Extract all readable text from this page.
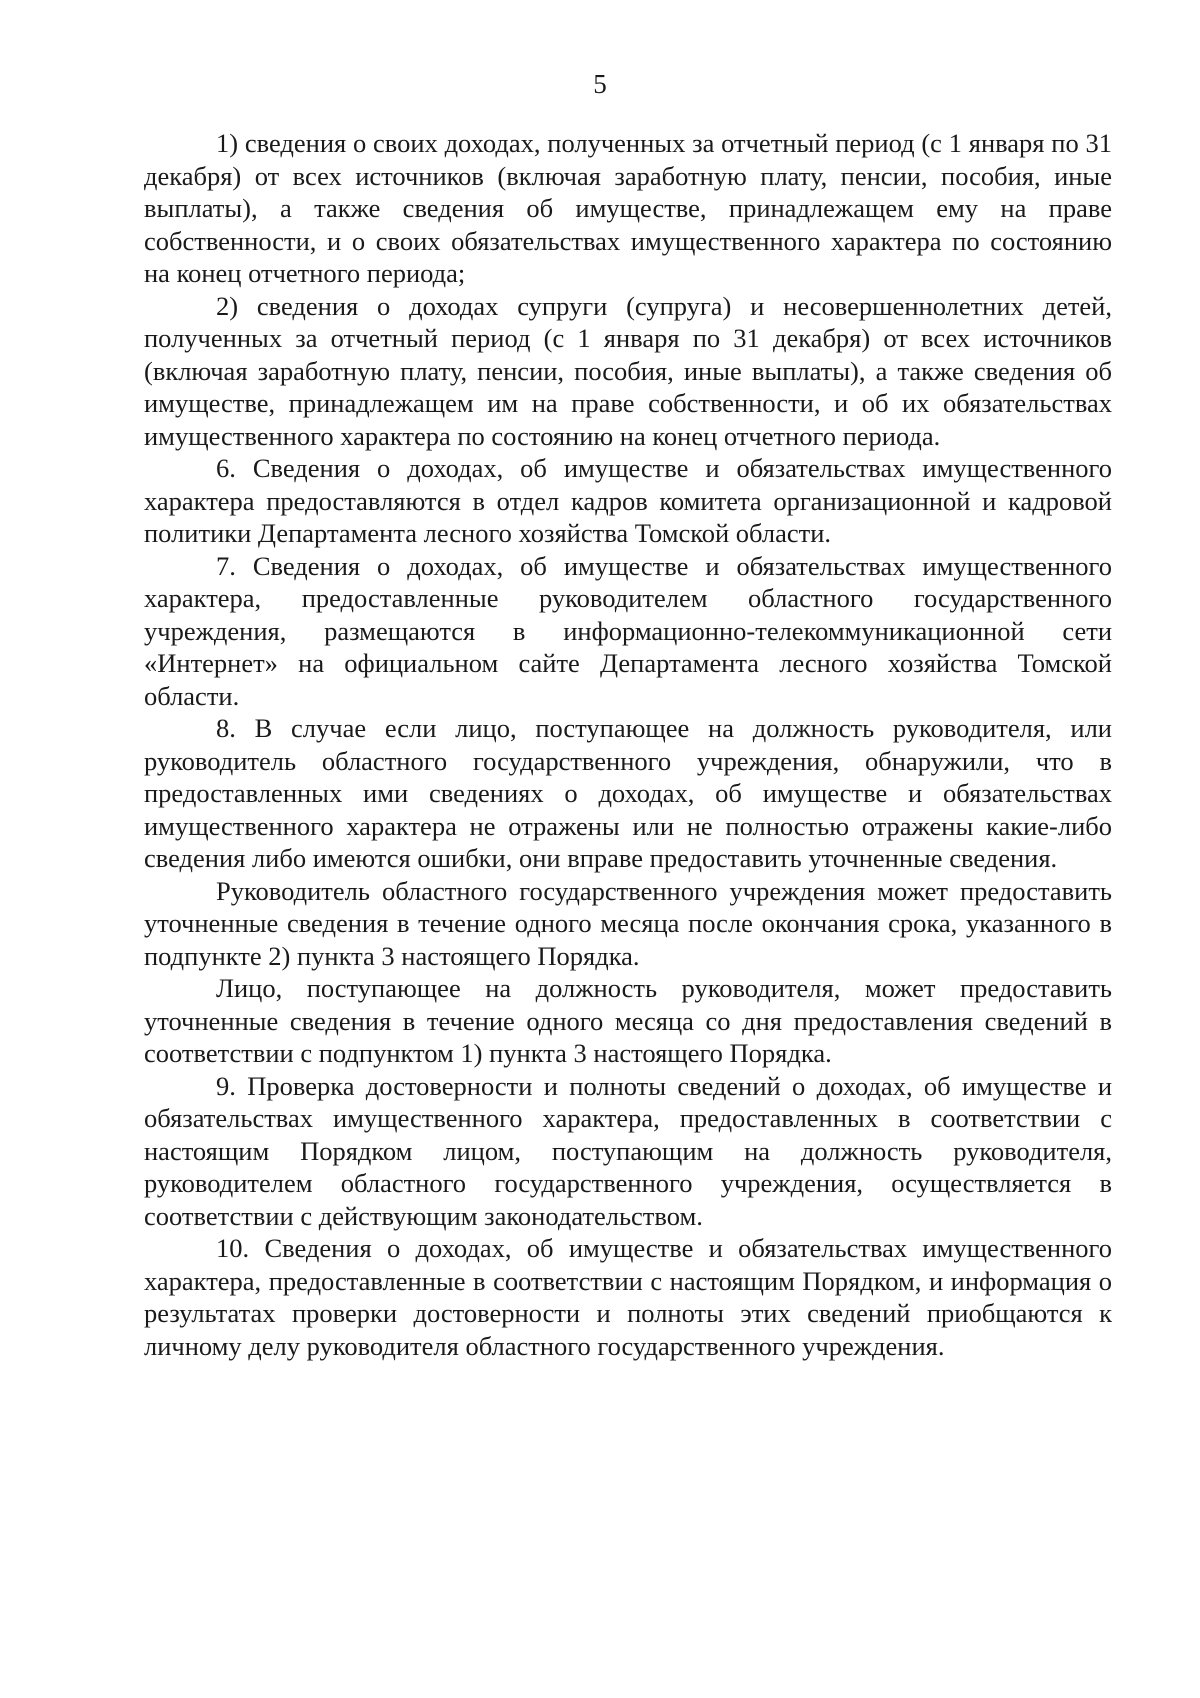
5

1) сведения о своих доходах, полученных за отчетный период (с 1 января по 31 декабря) от всех источников (включая заработную плату, пенсии, пособия, иные выплаты), а также сведения об имуществе, принадлежащем ему на праве собственности, и о своих обязательствах имущественного характера по состоянию на конец отчетного периода;

2) сведения о доходах супруги (супруга) и несовершеннолетних детей, полученных за отчетный период (с 1 января по 31 декабря) от всех источников (включая заработную плату, пенсии, пособия, иные выплаты), а также сведения об имуществе, принадлежащем им на праве собственности, и об их обязательствах имущественного характера по состоянию на конец отчетного периода.

6. Сведения о доходах, об имуществе и обязательствах имущественного характера предоставляются в отдел кадров комитета организационной и кадровой политики Департамента лесного хозяйства Томской области.

7. Сведения о доходах, об имуществе и обязательствах имущественного характера, предоставленные руководителем областного государственного учреждения, размещаются в информационно-телекоммуникационной сети «Интернет» на официальном сайте Департамента лесного хозяйства Томской области.

8. В случае если лицо, поступающее на должность руководителя, или руководитель областного государственного учреждения, обнаружили, что в предоставленных ими сведениях о доходах, об имуществе и обязательствах имущественного характера не отражены или не полностью отражены какие-либо сведения либо имеются ошибки, они вправе предоставить уточненные сведения.

Руководитель областного государственного учреждения может предоставить уточненные сведения в течение одного месяца после окончания срока, указанного в подпункте 2) пункта 3 настоящего Порядка.

Лицо, поступающее на должность руководителя, может предоставить уточненные сведения в течение одного месяца со дня предоставления сведений в соответствии с подпунктом 1) пункта 3 настоящего Порядка.

9. Проверка достоверности и полноты сведений о доходах, об имуществе и обязательствах имущественного характера, предоставленных в соответствии с настоящим Порядком лицом, поступающим на должность руководителя, руководителем областного государственного учреждения, осуществляется в соответствии с действующим законодательством.

10. Сведения о доходах, об имуществе и обязательствах имущественного характера, предоставленные в соответствии с настоящим Порядком, и информация о результатах проверки достоверности и полноты этих сведений приобщаются к личному делу руководителя областного государственного учреждения.
